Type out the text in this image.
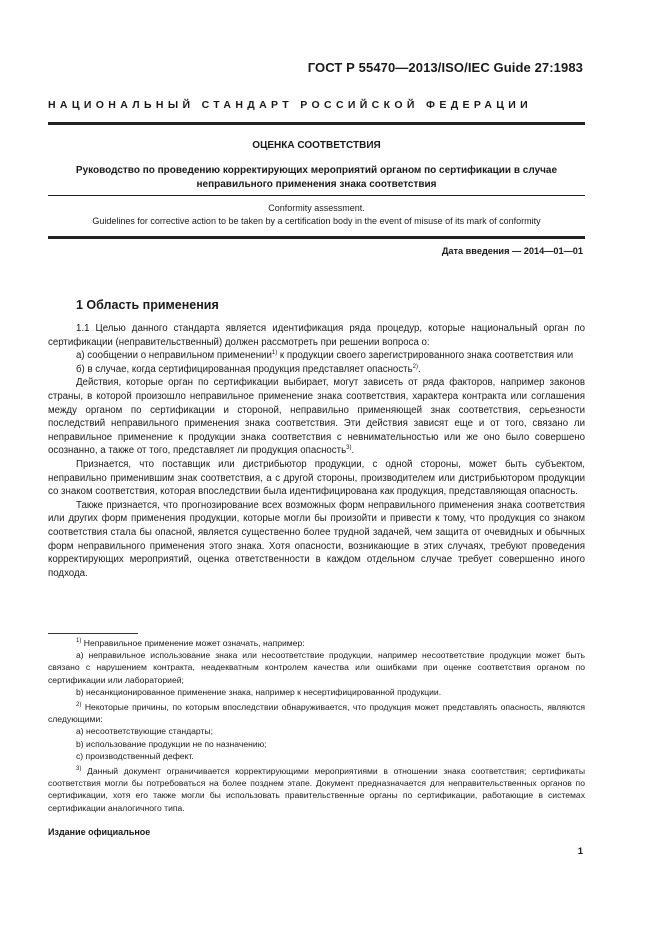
ГОСТ Р 55470—2013/ISO/IEC Guide 27:1983
НАЦИОНАЛЬНЫЙ СТАНДАРТ РОССИЙСКОЙ ФЕДЕРАЦИИ
ОЦЕНКА СООТВЕТСТВИЯ
Руководство по проведению корректирующих мероприятий органом по сертификации в случае
неправильного применения знака соответствия
Conformity assessment.
Guidelines for corrective action to be taken by a certification body in the event of misuse of its mark of conformity
Дата введения — 2014—01—01
1 Область применения

1.1 Целью данного стандарта является идентификация ряда процедур, которые национальный орган по сертификации (неправительственный) должен рассмотреть при решении вопроса о:

а) сообщении о неправильном применении$^{1)}$ к продукции своего зарегистрированного знака соответствия или

б) в случае, когда сертифицированная продукция представляет опасность$^{2)}$.

Действия, которые орган по сертификации выбирает, могут зависеть от ряда факторов, например законов страны, в которой произошло неправильное применение знака соответствия, характера контракта или соглашения между органом по сертификации и стороной, неправильно применяющей знак соответствия, серьезности последствий неправильного применения знака соответствия. Эти действия зависят еще и от того, связано ли неправильное применение к продукции знака соответствия с невнимательностью или же оно было совершено осознанно, а также от того, представляет ли продукция опасность$^{3)}$.

Признается, что поставщик или дистрибьютор продукции, с одной стороны, может быть субъектом, неправильно применившим знак соответствия, а с другой стороны, производителем или дистрибьютором продукции со знаком соответствия, которая впоследствии была идентифицирована как продукция, представляющая опасность.

Также признается, что прогнозирование всех возможных форм неправильного применения знака соответствия или других форм применения продукции, которые могли бы произойти и привести к тому, что продукция со знаком соответствия стала бы опасной, является существенно более трудной задачей, чем защита от очевидных и обычных форм неправильного применения этого знака. Хотя опасности, возникающие в этих случаях, требуют проведения корректирующих мероприятий, оценка ответственности в каждом отдельном случае требует совершенно иного подхода.

$^{1)}$ Неправильное применение может означать, например:

а) неправильное использование знака или несоответствие продукции, например несоответствие продукции может быть связано с нарушением контракта, неадекватным контролем качества или ошибками при оценке соответствия органом по сертификации или лабораторией;

b) несанкционированное применение знака, например к несертифицированной продукции.

$^{2)}$ Некоторые причины, по которым впоследствии обнаруживается, что продукция может представлять опасность, являются следующими:

а) несоответствующие стандарты;

b) использование продукции не по назначению;

с) производственный дефект.

$^{3)}$ Данный документ ограничивается корректирующими мероприятиями в отношении знака соответствия; сертификаты соответствия могли бы потребоваться на более позднем этапе. Документ предназначается для неправительственных органов по сертификации, хотя его также могли бы использовать правительственные органы по сертификации, работающие в системах сертификации аналогичного типа.

Издание официальное
1
